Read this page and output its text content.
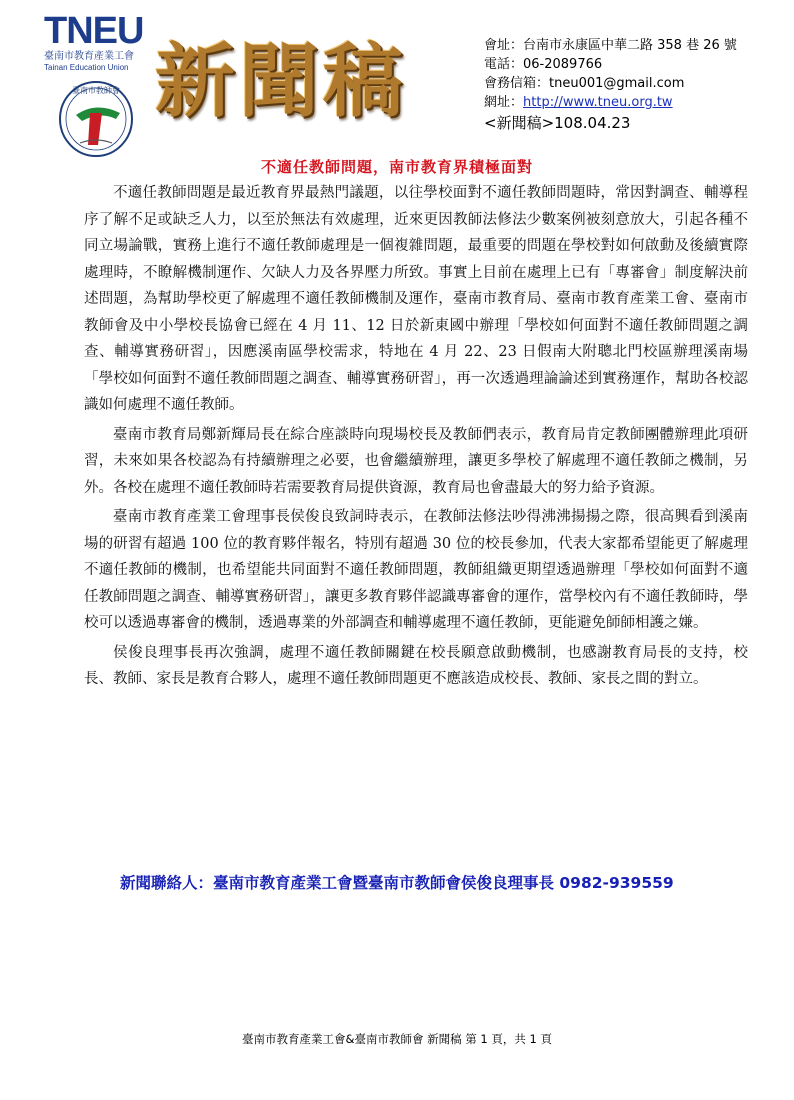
TNEU
臺南市教育產業工會
Tainan Education Union
臺南市教師會 新聞稿	會址：台南市永康區中華二路 358 巷 26 號
電話：06-2089766
會務信箱：tneu001@gmail.com
網址：http://www.tneu.org.tw
<新聞稿>108.04.23
不適任教師問題，南市教育界積極面對

不適任教師問題是最近教育界最熱門議題，以往學校面對不適任教師問題時，常因對調查、輔導程序了解不足或缺乏人力，以至於無法有效處理，近來更因教師法修法少數案例被刻意放大，引起各種不同立場論戰，實務上進行不適任教師處理是一個複雜問題，最重要的問題在學校對如何啟動及後續實際處理時，不瞭解機制運作、欠缺人力及各界壓力所致。事實上目前在處理上已有「專審會」制度解決前述問題，為幫助學校更了解處理不適任教師機制及運作，臺南市教育局、臺南市教育產業工會、臺南市教師會及中小學校長協會已經在 4 月 11、12 日於新東國中辦理「學校如何面對不適任教師問題之調查、輔導實務研習」，因應溪南區學校需求，特地在 4 月 22、23 日假南大附聰北門校區辦理溪南場「學校如何面對不適任教師問題之調查、輔導實務研習」，再一次透過理論論述到實務運作，幫助各校認識如何處理不適任教師。

臺南市教育局鄭新輝局長在綜合座談時向現場校長及教師們表示，教育局肯定教師團體辦理此項研習，未來如果各校認為有持續辦理之必要，也會繼續辦理，讓更多學校了解處理不適任教師之機制，另外。各校在處理不適任教師時若需要教育局提供資源，教育局也會盡最大的努力給予資源。

臺南市教育產業工會理事長侯俊良致詞時表示，在教師法修法吵得沸沸揚揚之際，很高興看到溪南場的研習有超過 100 位的教育夥伴報名，特別有超過 30 位的校長參加，代表大家都希望能更了解處理不適任教師的機制，也希望能共同面對不適任教師問題，教師組織更期望透過辦理「學校如何面對不適任教師問題之調查、輔導實務研習」，讓更多教育夥伴認識專審會的運作，當學校內有不適任教師時，學校可以透過專審會的機制，透過專業的外部調查和輔導處理不適任教師，更能避免師師相護之嫌。

侯俊良理事長再次強調，處理不適任教師關鍵在校長願意啟動機制，也感謝教育局長的支持，校長、教師、家長是教育合夥人，處理不適任教師問題更不應該造成校長、教師、家長之間的對立。

新聞聯絡人：臺南市教育產業工會暨臺南市教師會侯俊良理事長 0982-939559
臺南市教育產業工會&臺南市教師會 新聞稿 第 1 頁，共 1 頁
